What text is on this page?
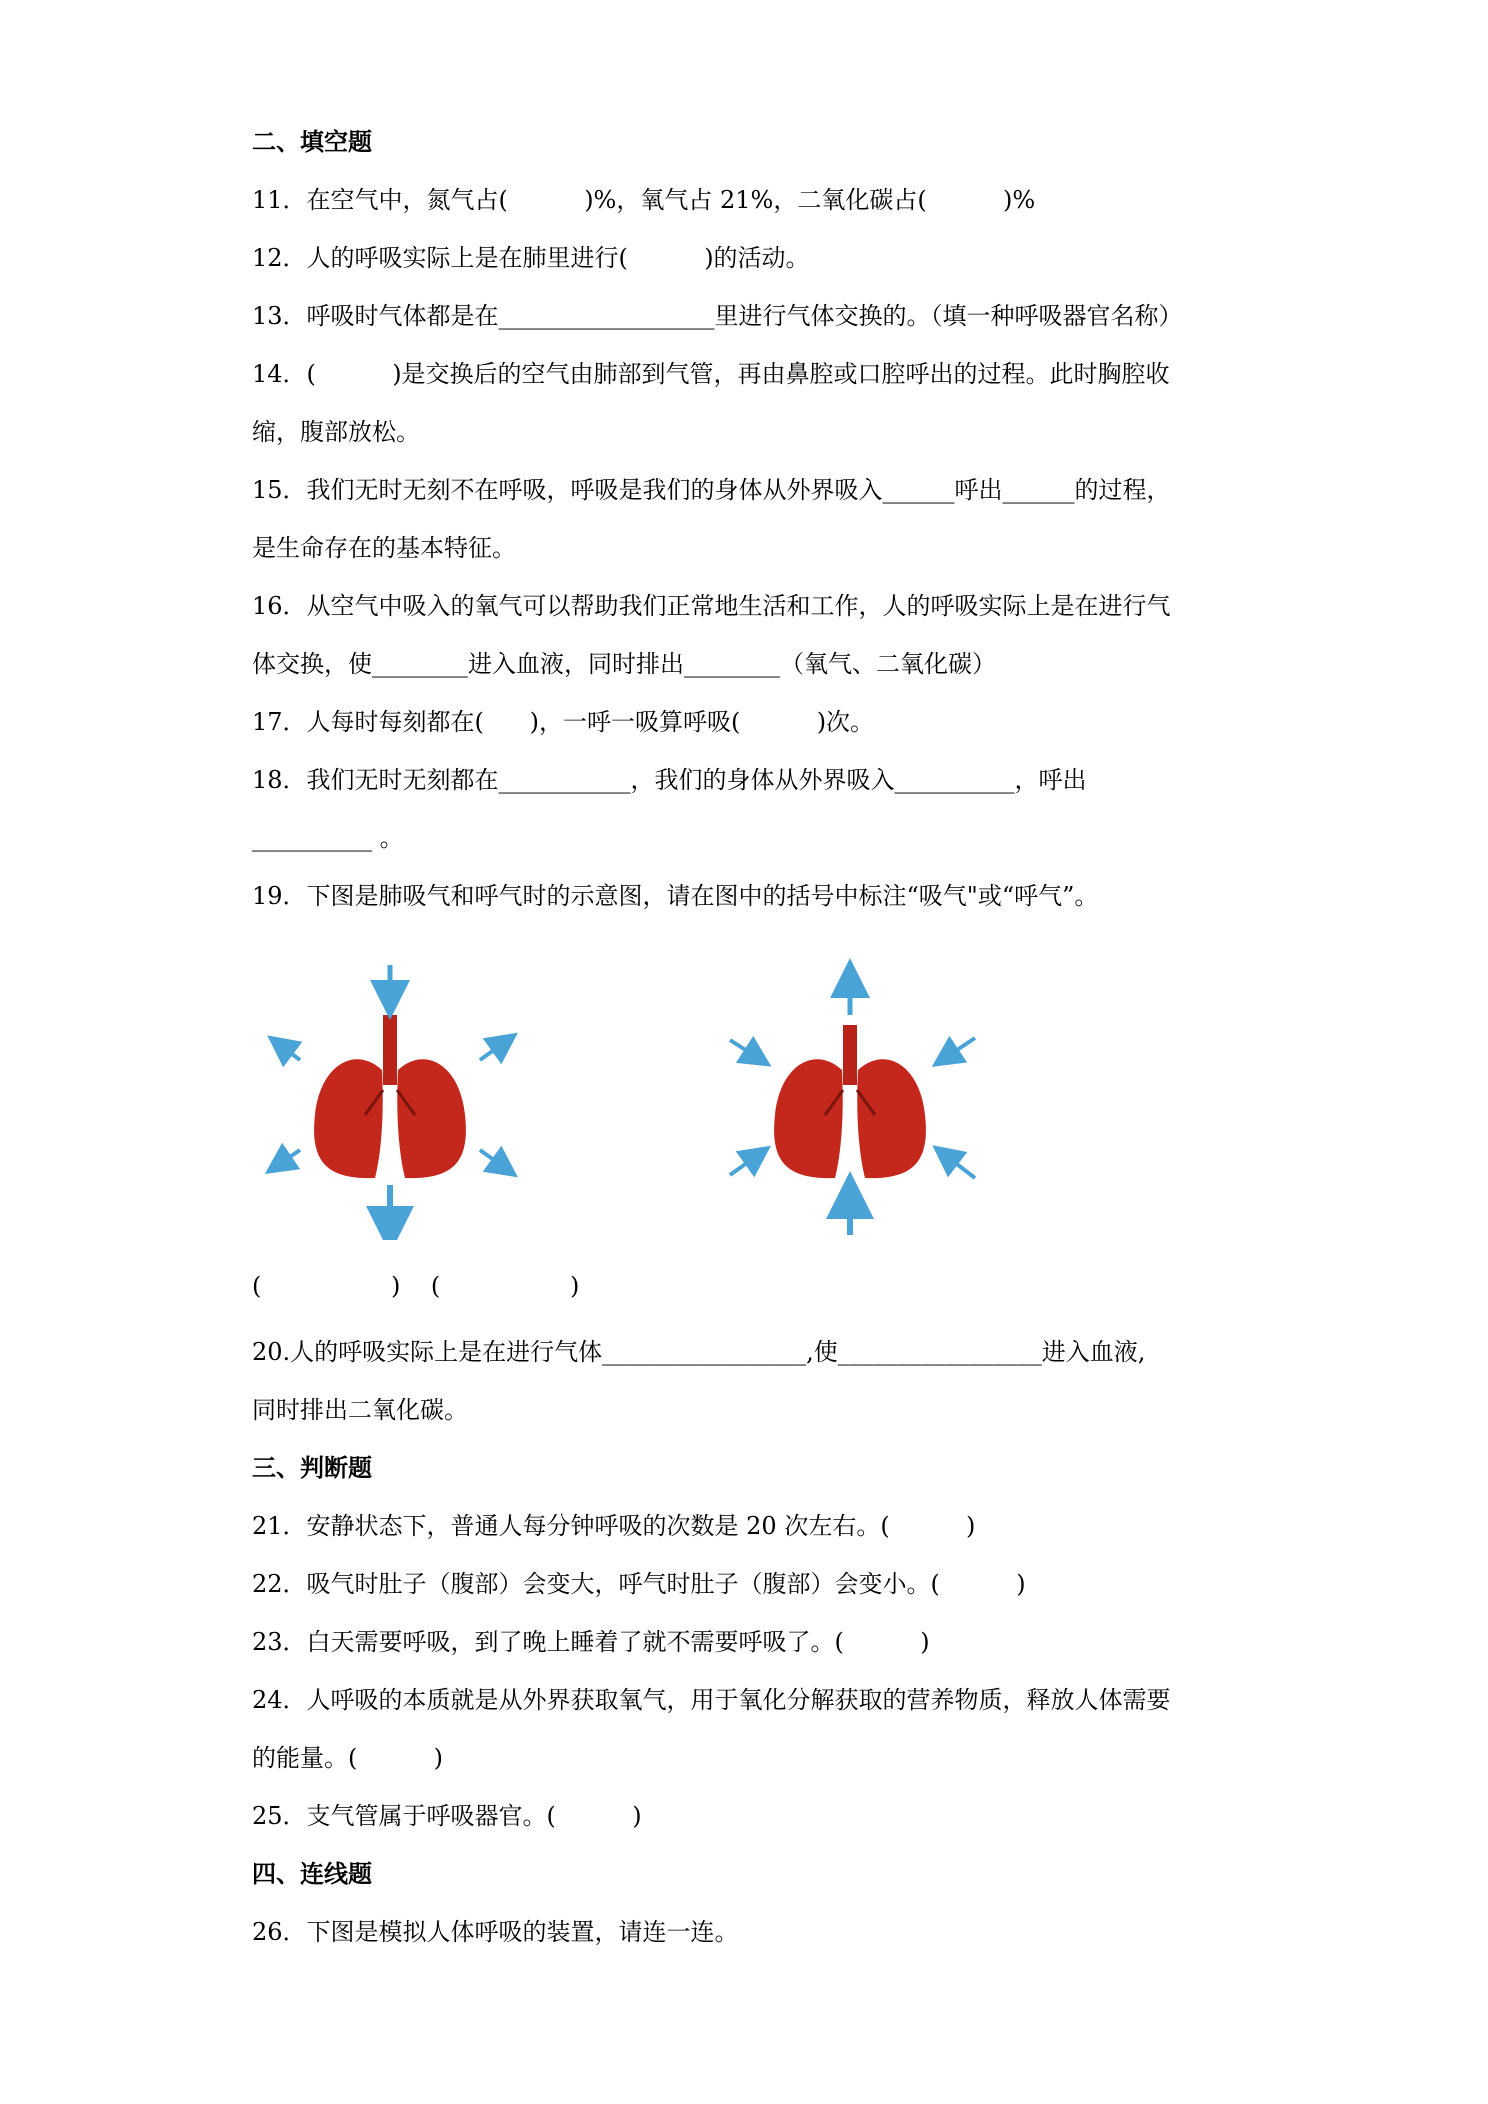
二、填空题
11．在空气中，氮气占(          )%，氧气占 21%，二氧化碳占(          )%
12．人的呼吸实际上是在肺里进行(          )的活动。
13．呼吸时气体都是在__________________里进行气体交换的。（填一种呼吸器官名称）
14．(          )是交换后的空气由肺部到气管，再由鼻腔或口腔呼出的过程。此时胸腔收
缩，腹部放松。
15．我们无时无刻不在呼吸，呼吸是我们的身体从外界吸入______呼出______的过程，
是生命存在的基本特征。
16．从空气中吸入的氧气可以帮助我们正常地生活和工作，人的呼吸实际上是在进行气
体交换，使________进入血液，同时排出________（氧气、二氧化碳）
17．人每时每刻都在(      )，一呼一吸算呼吸(          )次。
18．我们无时无刻都在___________，我们的身体从外界吸入__________，呼出
__________ 。
19．下图是肺吸气和呼气时的示意图，请在图中的括号中标注“吸气"或“呼气”。
(                 )    (                 )
20.人的呼吸实际上是在进行气体_________________,使_________________进入血液,
同时排出二氧化碳。
三、判断题
21．安静状态下，普通人每分钟呼吸的次数是 20 次左右。(          )
22．吸气时肚子（腹部）会变大，呼气时肚子（腹部）会变小。(          )
23．白天需要呼吸，到了晚上睡着了就不需要呼吸了。(          )
24．人呼吸的本质就是从外界获取氧气，用于氧化分解获取的营养物质，释放人体需要
的能量。(          )
25．支气管属于呼吸器官。(          )
四、连线题
26．下图是模拟人体呼吸的装置，请连一连。
